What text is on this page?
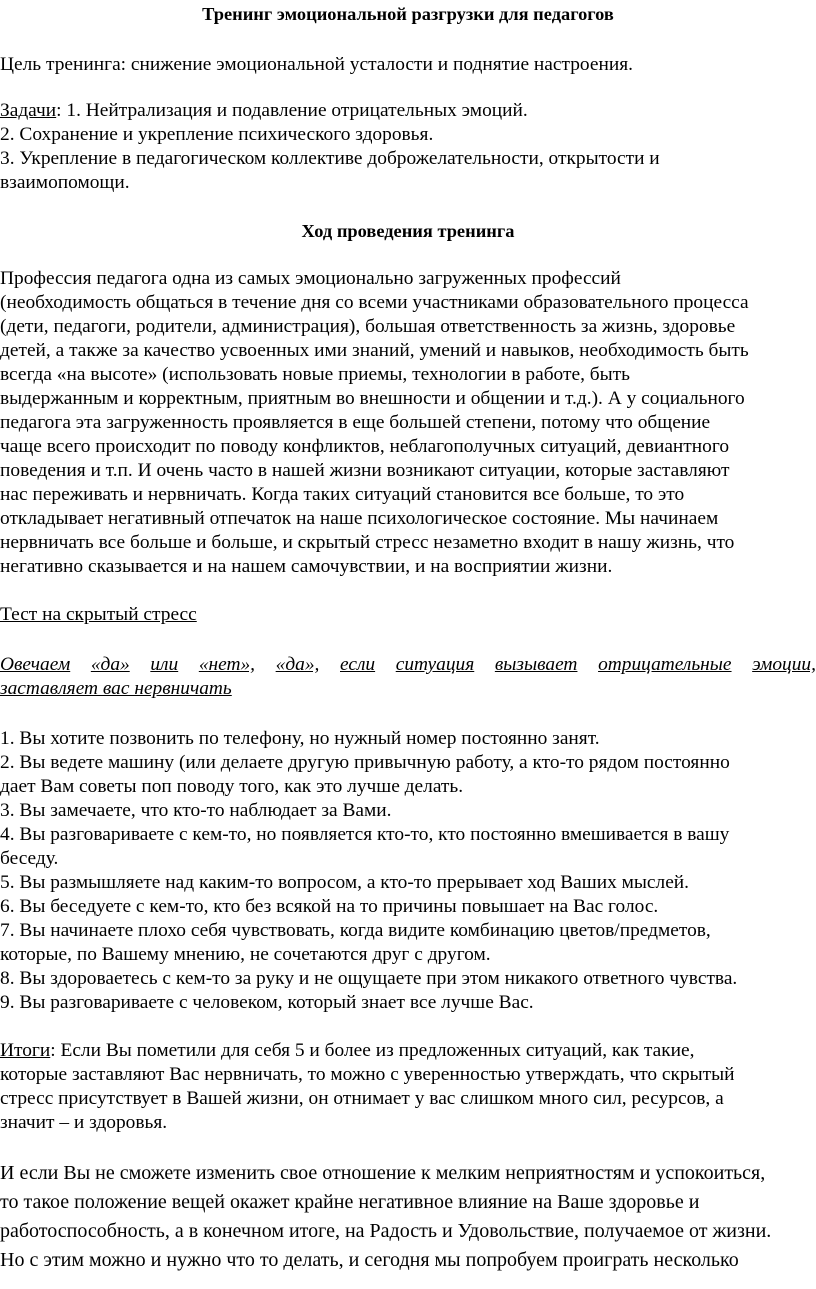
Тренинг эмоциональной разгрузки для педагогов
Цель тренинга: снижение эмоциональной усталости и поднятие настроения.
Задачи: 1. Нейтрализация и подавление отрицательных эмоций.
2. Сохранение и укрепление психического здоровья.
3. Укрепление в педагогическом коллективе доброжелательности, открытости и
взаимопомощи.
Ход проведения тренинга
Профессия педагога одна из самых эмоционально загруженных профессий
(необходимость общаться в течение дня со всеми участниками образовательного процесса
(дети, педагоги, родители, администрация), большая ответственность за жизнь, здоровье
детей, а также за качество усвоенных ими знаний, умений и навыков, необходимость быть
всегда «на высоте» (использовать новые приемы, технологии в работе, быть
выдержанным и корректным, приятным во внешности и общении и т.д.). А у социального
педагога эта загруженность проявляется в еще большей степени, потому что общение
чаще всего происходит по поводу конфликтов, неблагополучных ситуаций, девиантного
поведения и т.п. И очень часто в нашей жизни возникают ситуации, которые заставляют
нас переживать и нервничать. Когда таких ситуаций становится все больше, то это
откладывает негативный отпечаток на наше психологическое состояние. Мы начинаем
нервничать все больше и больше, и скрытый стресс незаметно входит в нашу жизнь, что
негативно сказывается и на нашем самочувствии, и на восприятии жизни.
Тест на скрытый стресс
Овечаем «да» или «нет», «да», если ситуация вызывает отрицательные эмоции,
заставляет вас нервничать
1. Вы хотите позвонить по телефону, но нужный номер постоянно занят.
2. Вы ведете машину (или делаете другую привычную работу, а кто-то рядом постоянно
дает Вам советы поп поводу того, как это лучше делать.
3. Вы замечаете, что кто-то наблюдает за Вами.
4. Вы разговариваете с кем-то, но появляется кто-то, кто постоянно вмешивается в вашу
беседу.
5. Вы размышляете над каким-то вопросом, а кто-то прерывает ход Ваших мыслей.
6. Вы беседуете с кем-то, кто без всякой на то причины повышает на Вас голос.
7. Вы начинаете плохо себя чувствовать, когда видите комбинацию цветов/предметов,
которые, по Вашему мнению, не сочетаются друг с другом.
8. Вы здороваетесь с кем-то за руку и не ощущаете при этом никакого ответного чувства.
9. Вы разговариваете с человеком, который знает все лучше Вас.
Итоги: Если Вы пометили для себя 5 и более из предложенных ситуаций, как такие,
которые заставляют Вас нервничать, то можно с уверенностью утверждать, что скрытый
стресс присутствует в Вашей жизни, он отнимает у вас слишком много сил, ресурсов, а
значит – и здоровья.
И если Вы не сможете изменить свое отношение к мелким неприятностям и успокоиться,
то такое положение вещей окажет крайне негативное влияние на Ваше здоровье и
работоспособность, а в конечном итоге, на Радость и Удовольствие, получаемое от жизни.
Но с этим можно и нужно что то делать, и сегодня мы попробуем проиграть несколько
